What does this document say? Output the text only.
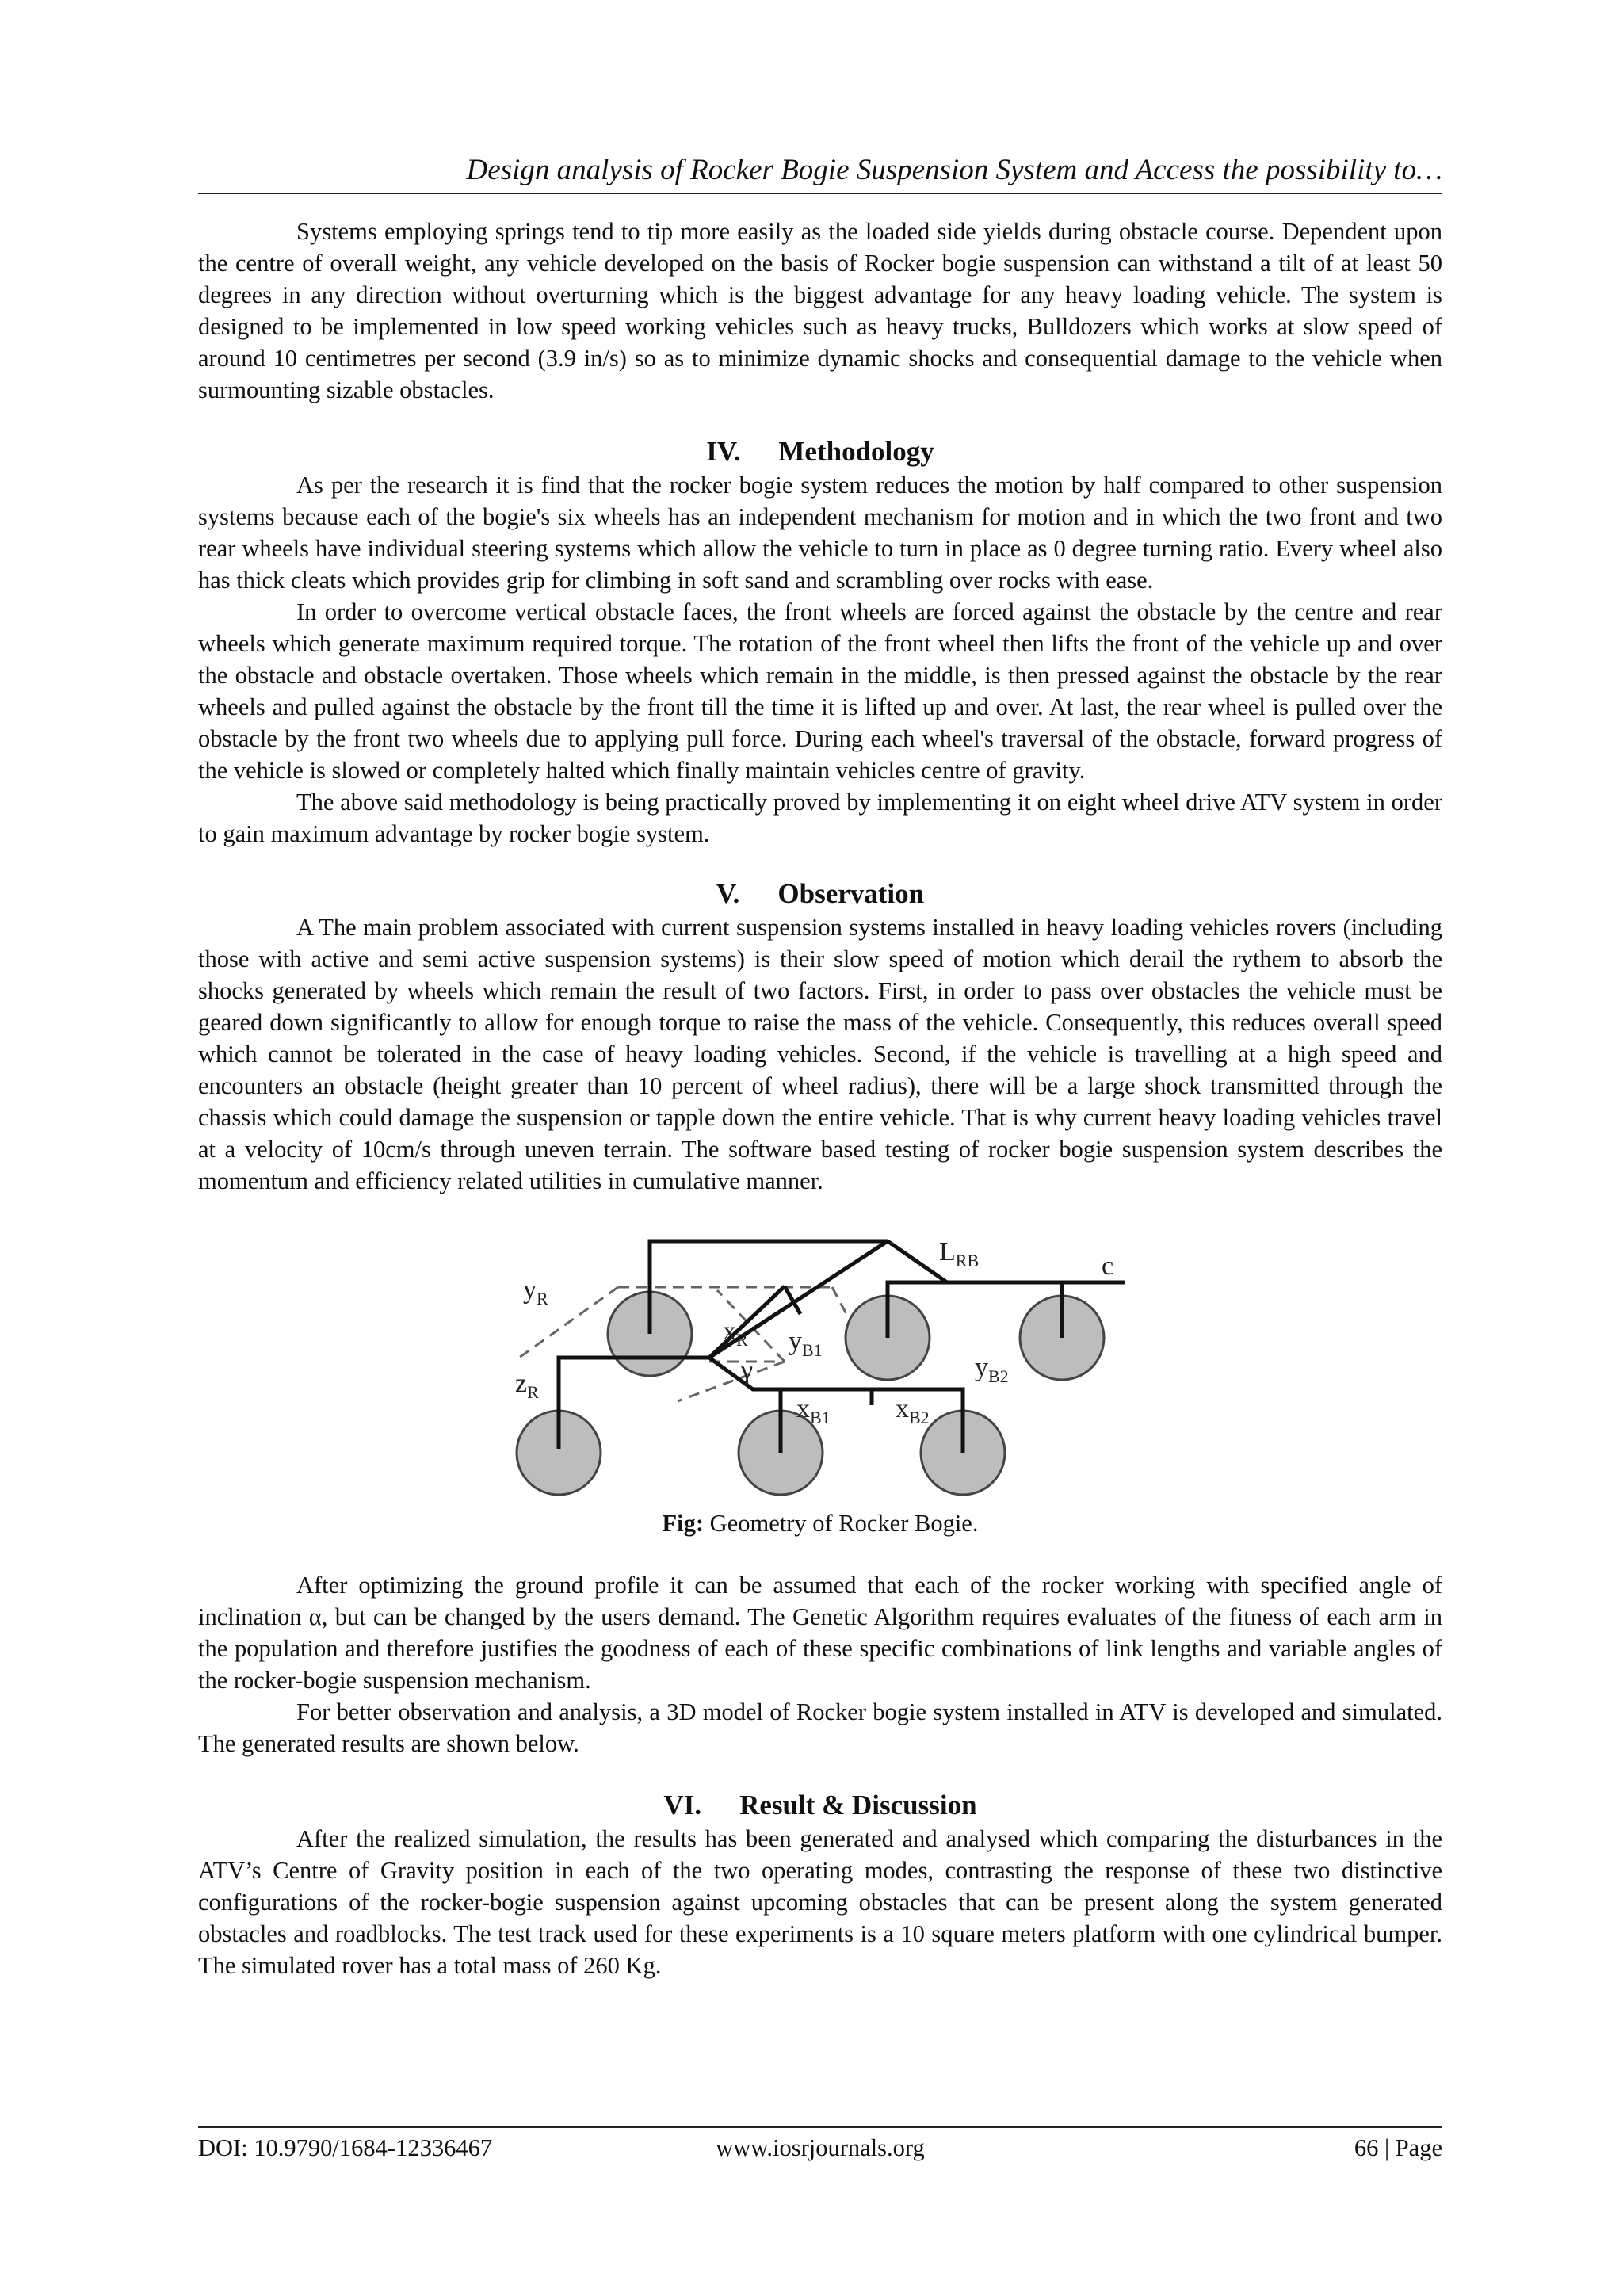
Design analysis of Rocker Bogie Suspension System and Access the possibility to…

Systems employing springs tend to tip more easily as the loaded side yields during obstacle course. Dependent upon the centre of overall weight, any vehicle developed on the basis of Rocker bogie suspension can withstand a tilt of at least 50 degrees in any direction without overturning which is the biggest advantage for any heavy loading vehicle. The system is designed to be implemented in low speed working vehicles such as heavy trucks, Bulldozers which works at slow speed of around 10 centimetres per second (3.9 in/s) so as to minimize dynamic shocks and consequential damage to the vehicle when surmounting sizable obstacles.

IV. Methodology

As per the research it is find that the rocker bogie system reduces the motion by half compared to other suspension systems because each of the bogie's six wheels has an independent mechanism for motion and in which the two front and two rear wheels have individual steering systems which allow the vehicle to turn in place as 0 degree turning ratio. Every wheel also has thick cleats which provides grip for climbing in soft sand and scrambling over rocks with ease.

In order to overcome vertical obstacle faces, the front wheels are forced against the obstacle by the centre and rear wheels which generate maximum required torque. The rotation of the front wheel then lifts the front of the vehicle up and over the obstacle and obstacle overtaken. Those wheels which remain in the middle, is then pressed against the obstacle by the rear wheels and pulled against the obstacle by the front till the time it is lifted up and over. At last, the rear wheel is pulled over the obstacle by the front two wheels due to applying pull force. During each wheel's traversal of the obstacle, forward progress of the vehicle is slowed or completely halted which finally maintain vehicles centre of gravity.

The above said methodology is being practically proved by implementing it on eight wheel drive ATV system in order to gain maximum advantage by rocker bogie system.

V. Observation

A The main problem associated with current suspension systems installed in heavy loading vehicles rovers (including those with active and semi active suspension systems) is their slow speed of motion which derail the rythem to absorb the shocks generated by wheels which remain the result of two factors. First, in order to pass over obstacles the vehicle must be geared down significantly to allow for enough torque to raise the mass of the vehicle. Consequently, this reduces overall speed which cannot be tolerated in the case of heavy loading vehicles. Second, if the vehicle is travelling at a high speed and encounters an obstacle (height greater than 10 percent of wheel radius), there will be a large shock transmitted through the chassis which could damage the suspension or tapple down the entire vehicle. That is why current heavy loading vehicles travel at a velocity of 10cm/s through uneven terrain. The software based testing of rocker bogie suspension system describes the momentum and efficiency related utilities in cumulative manner.

$L_{RB}$	c
$y_R$
$x_R$ $y_{B1}$
$z_R$
γ
$x_{B1}$ $x_{B2}$
$y_{B2}$
Fig: Geometry of Rocker Bogie.

After optimizing the ground profile it can be assumed that each of the rocker working with specified angle of inclination α, but can be changed by the users demand. The Genetic Algorithm requires evaluates of the fitness of each arm in the population and therefore justifies the goodness of each of these specific combinations of link lengths and variable angles of the rocker-bogie suspension mechanism.

For better observation and analysis, a 3D model of Rocker bogie system installed in ATV is developed and simulated. The generated results are shown below.

VI. Result & Discussion

After the realized simulation, the results has been generated and analysed which comparing the disturbances in the ATV’s Centre of Gravity position in each of the two operating modes, contrasting the response of these two distinctive configurations of the rocker-bogie suspension against upcoming obstacles that can be present along the system generated obstacles and roadblocks. The test track used for these experiments is a 10 square meters platform with one cylindrical bumper. The simulated rover has a total mass of 260 Kg.

DOI: 10.9790/1684-12336467	www.iosrjournals.org	66 | Page
